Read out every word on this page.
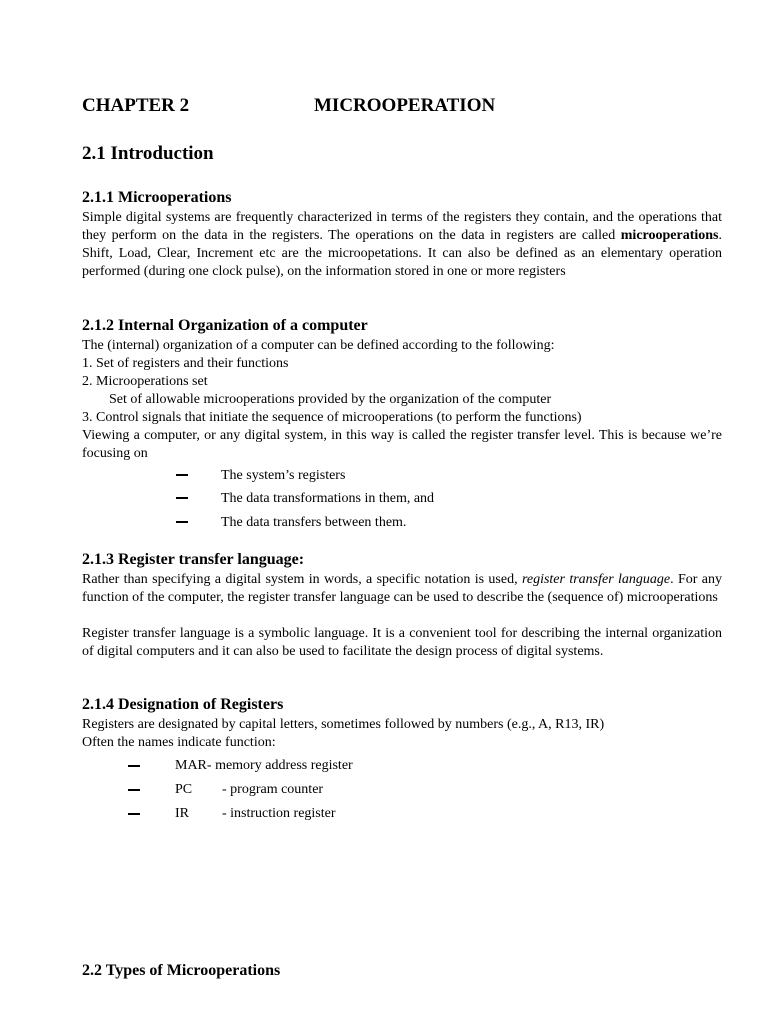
CHAPTER 2	MICROOPERATION
2.1 Introduction
2.1.1 Microoperations
Simple digital systems are frequently characterized in terms of the registers they contain, and the operations that they perform on the data in the registers. The operations on the data in registers are called microoperations. Shift, Load, Clear, Increment etc are the microopetations. It can also be defined as an elementary operation performed (during one clock pulse), on the information stored in one or more registers
2.1.2 Internal Organization of a computer
The (internal) organization of a computer can be defined according to the following:
1. Set of registers and their functions
2. Microoperations set
Set of allowable microoperations provided by the organization of the computer
3. Control signals that initiate the sequence of microoperations (to perform the functions)
Viewing a computer, or any digital system, in this way is called the register transfer level. This is because we’re focusing on
The system’s registers
The data transformations in them, and
The data transfers between them.
2.1.3 Register transfer language:
Rather than specifying a digital system in words, a specific notation is used, register transfer language. For any function of the computer, the register transfer language can be used to describe the (sequence of) microoperations
Register transfer language is a symbolic language. It is a convenient tool for describing the internal organization of digital computers and it can also be used to facilitate the design process of digital systems.
2.1.4 Designation of Registers
Registers are designated by capital letters, sometimes followed by numbers (e.g., A, R13, IR)
Often the names indicate function:
MAR- memory address register
PC - program counter
IR - instruction register
2.2 Types of Microoperations
